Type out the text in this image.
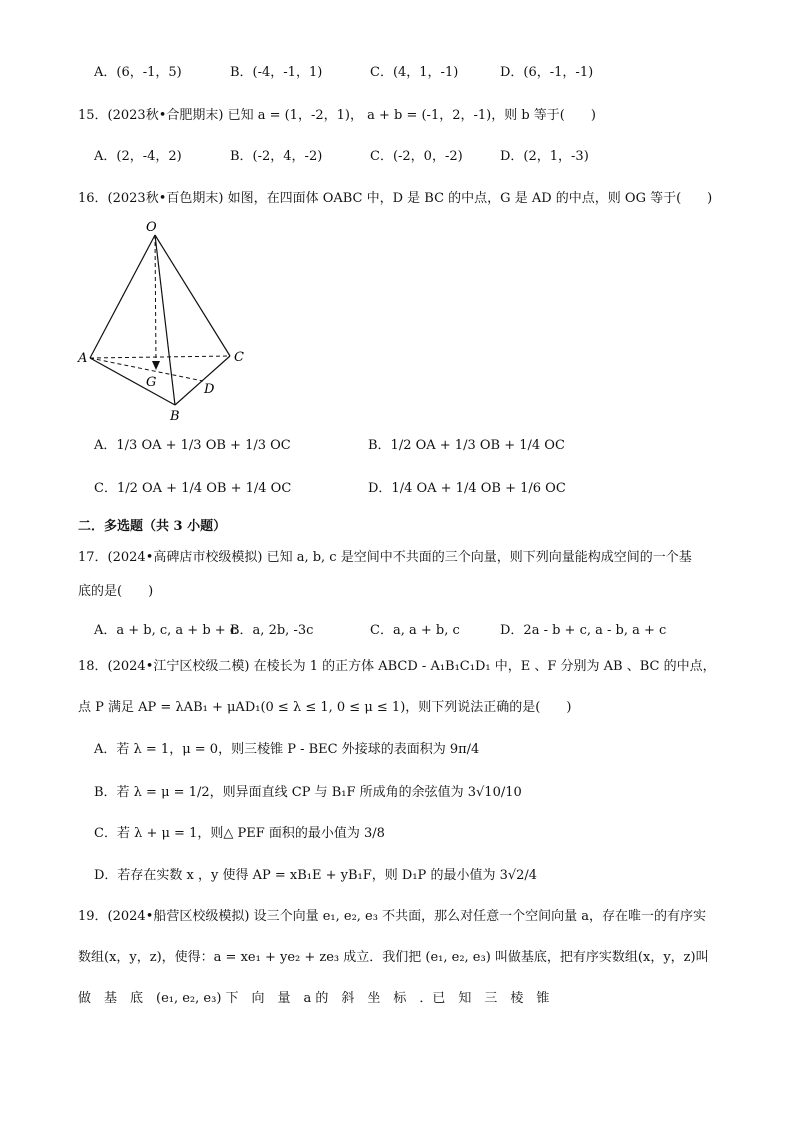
A．(6，-1，5)	B．(-4，-1，1)	C．(4，1，-1)	D．(6，-1，-1)
15．(2023秋•合肥期末) 已知 a = (1，-2，1)， a + b = (-1，2，-1)，则 b 等于(　　)
A．(2，-4，2)	B．(-2，4，-2)	C．(-2，0，-2)	D．(2，1，-3)
16．(2023秋•百色期末) 如图，在四面体 OABC 中，D 是 BC 的中点，G 是 AD 的中点，则 OG 等于(　　)
O
A	C
G	D
B
A．1/3 OA + 1/3 OB + 1/3 OC	B．1/2 OA + 1/3 OB + 1/4 OC
C．1/2 OA + 1/4 OB + 1/4 OC	D．1/4 OA + 1/4 OB + 1/6 OC
二．多选题（共 3 小题）
17．(2024•高碑店市校级模拟) 已知 a, b, c 是空间中不共面的三个向量，则下列向量能构成空间的一个基
底的是(　　)
A．a + b, c, a + b + c
B．a, 2b, -3c	C．a, a + b, c	D．2a - b + c, a - b, a + c
18．(2024•江宁区校级二模) 在棱长为 1 的正方体 ABCD - A₁B₁C₁D₁ 中，E 、F 分别为 AB 、BC 的中点，
点 P 满足 AP = λAB₁ + μAD₁(0 ≤ λ ≤ 1, 0 ≤ μ ≤ 1)，则下列说法正确的是(　　)
A．若 λ = 1，μ = 0，则三棱锥 P - BEC 外接球的表面积为 9π/4
B．若 λ = μ = 1/2，则异面直线 CP 与 B₁F 所成角的余弦值为 3√10/10
C．若 λ + μ = 1，则△ PEF 面积的最小值为 3/8
D．若存在实数 x ，y 使得 AP = xB₁E + yB₁F，则 D₁P 的最小值为 3√2/4
19．(2024•船营区校级模拟) 设三个向量 e₁, e₂, e₃ 不共面，那么对任意一个空间向量 a，存在唯一的有序实
数组(x，y，z)，使得：a = xe₁ + ye₂ + ze₃ 成立．我们把 (e₁, e₂, e₃) 叫做基底，把有序实数组(x，y，z)叫
做　基　底　(e₁, e₂, e₃) 下　向　量　a 的　斜　坐　标　．已　知　三　棱　锥
